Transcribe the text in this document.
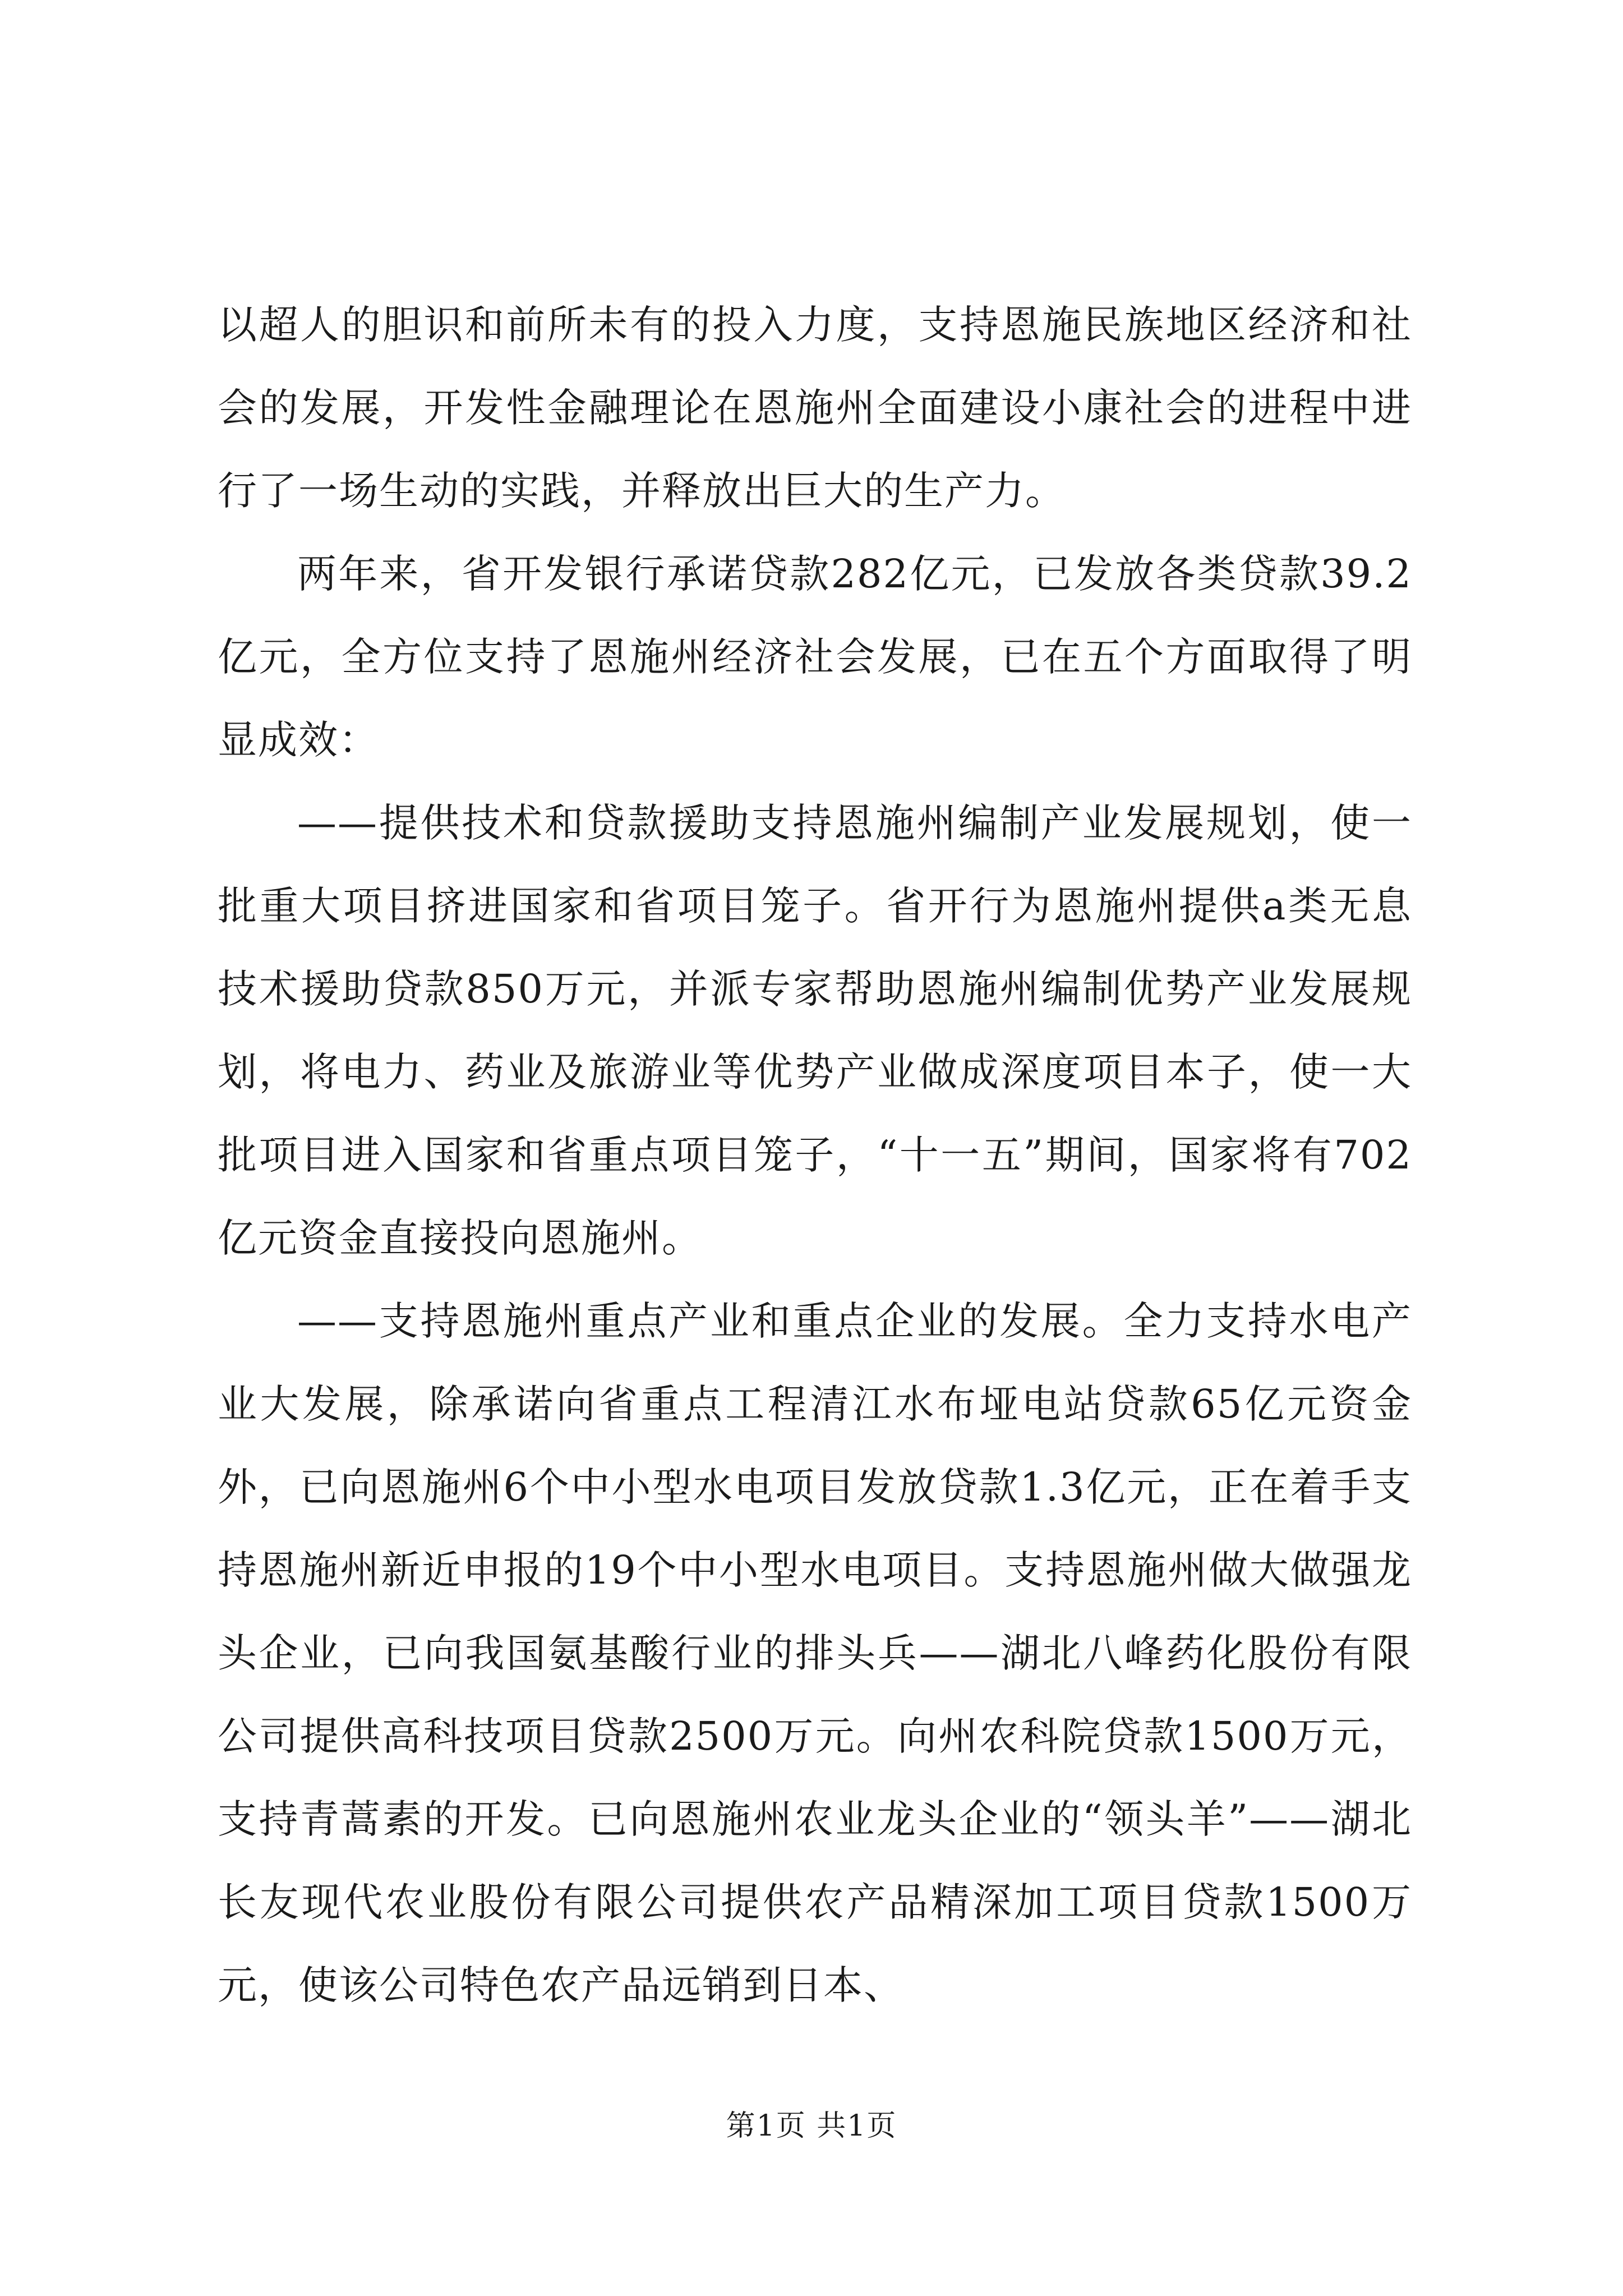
以超人的胆识和前所未有的投入力度，支持恩施民族地区经济和社会的发展，开发性金融理论在恩施州全面建设小康社会的进程中进行了一场生动的实践，并释放出巨大的生产力。

两年来，省开发银行承诺贷款282亿元，已发放各类贷款39.2亿元，全方位支持了恩施州经济社会发展，已在五个方面取得了明显成效：

——提供技术和贷款援助支持恩施州编制产业发展规划，使一批重大项目挤进国家和省项目笼子。省开行为恩施州提供a类无息技术援助贷款850万元，并派专家帮助恩施州编制优势产业发展规划，将电力、药业及旅游业等优势产业做成深度项目本子，使一大批项目进入国家和省重点项目笼子，“十一五”期间，国家将有702亿元资金直接投向恩施州。

——支持恩施州重点产业和重点企业的发展。全力支持水电产业大发展，除承诺向省重点工程清江水布垭电站贷款65亿元资金外，已向恩施州6个中小型水电项目发放贷款1.3亿元，正在着手支持恩施州新近申报的19个中小型水电项目。支持恩施州做大做强龙头企业，已向我国氨基酸行业的排头兵——湖北八峰药化股份有限公司提供高科技项目贷款2500万元。向州农科院贷款1500万元，支持青蒿素的开发。已向恩施州农业龙头企业的“领头羊”——湖北长友现代农业股份有限公司提供农产品精深加工项目贷款1500万元，使该公司特色农产品远销到日本、

第1页 共1页
